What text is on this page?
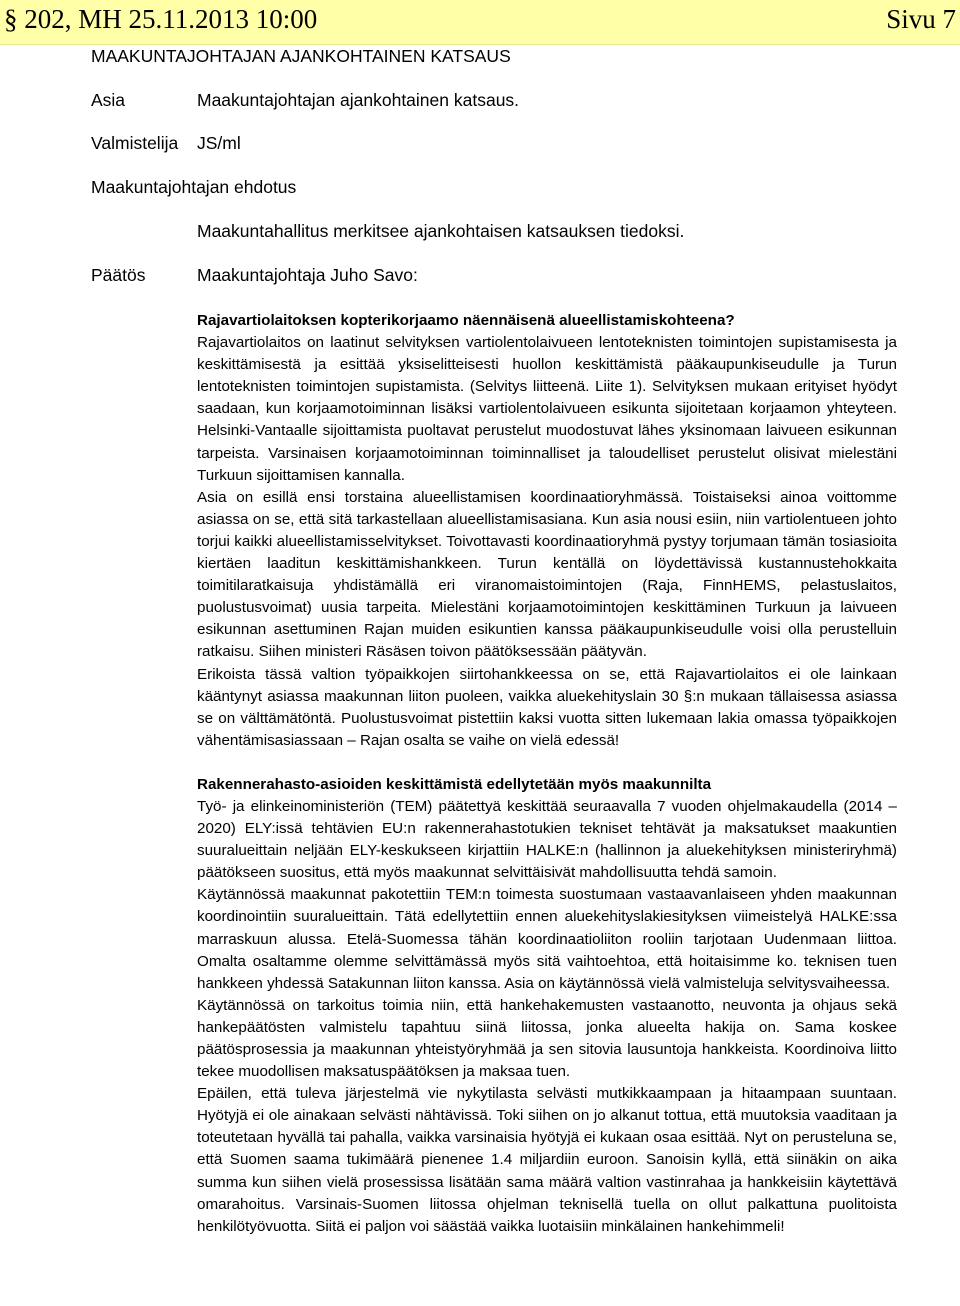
§ 202, MH 25.11.2013 10:00	Sivu 7
MAAKUNTAJOHTAJAN AJANKOHTAINEN KATSAUS
Asia	Maakuntajohtajan ajankohtainen katsaus.
Valmistelija JS/ml
Maakuntajohtajan ehdotus
Maakuntahallitus merkitsee ajankohtaisen katsauksen tiedoksi.
Päätös	Maakuntajohtaja Juho Savo:
Rajavartiolaitoksen kopterikorjaamo näennäisenä alueellistamiskohteena?

Rajavartiolaitos on laatinut selvityksen vartiolentolaivueen lentoteknisten toimintojen supistamisesta ja keskittämisestä ja esittää yksiselitteisesti huollon keskittämistä pääkaupunkiseudulle ja Turun lentoteknisten toimintojen supistamista. (Selvitys liitteenä. Liite 1). Selvityksen mukaan erityiset hyödyt saadaan, kun korjaamotoiminnan lisäksi vartiolentolaivueen esikunta sijoitetaan korjaamon yhteyteen. Helsinki-Vantaalle sijoittamista puoltavat perustelut muodostuvat lähes yksinomaan laivueen esikunnan tarpeista. Varsinaisen korjaamotoiminnan toiminnalliset ja taloudelliset perustelut olisivat mielestäni Turkuun sijoittamisen kannalla.

Asia on esillä ensi torstaina alueellistamisen koordinaatioryhmässä. Toistaiseksi ainoa voittomme asiassa on se, että sitä tarkastellaan alueellistamisasiana. Kun asia nousi esiin, niin vartiolentueen johto torjui kaikki alueellistamisselvitykset. Toivottavasti koordinaatioryhmä pystyy torjumaan tämän tosiasioita kiertäen laaditun keskittämishankkeen. Turun kentällä on löydettävissä kustannustehokkaita toimitilaratkaisuja yhdistämällä eri viranomaistoimintojen (Raja, FinnHEMS, pelastuslaitos, puolustusvoimat) uusia tarpeita. Mielestäni korjaamotoimintojen keskittäminen Turkuun ja laivueen esikunnan asettuminen Rajan muiden esikuntien kanssa pääkaupunkiseudulle voisi olla perustelluin ratkaisu. Siihen ministeri Räsäsen toivon päätöksessään päätyvän.

Erikoista tässä valtion työpaikkojen siirtohankkeessa on se, että Rajavartiolaitos ei ole lainkaan kääntynyt asiassa maakunnan liiton puoleen, vaikka aluekehityslain 30 §:n mukaan tällaisessa asiassa se on välttämätöntä. Puolustusvoimat pistettiin kaksi vuotta sitten lukemaan lakia omassa työpaikkojen vähentämisasiassaan – Rajan osalta se vaihe on vielä edessä!

Rakennerahasto-asioiden keskittämistä edellytetään myös maakunnilta

Työ- ja elinkeinoministeriön (TEM) päätettyä keskittää seuraavalla 7 vuoden ohjelmakaudella (2014 – 2020) ELY:issä tehtävien EU:n rakennerahastotukien tekniset tehtävät ja maksatukset maakuntien suuralueittain neljään ELY-keskukseen kirjattiin HALKE:n (hallinnon ja aluekehityksen ministeriryhmä) päätökseen suositus, että myös maakunnat selvittäisivät mahdollisuutta tehdä samoin.

Käytännössä maakunnat pakotettiin TEM:n toimesta suostumaan vastaavanlaiseen yhden maakunnan koordinointiin suuralueittain. Tätä edellytettiin ennen aluekehityslakiesityksen viimeistelyä HALKE:ssa marraskuun alussa. Etelä-Suomessa tähän koordinaatioliiton rooliin tarjotaan Uudenmaan liittoa. Omalta osaltamme olemme selvittämässä myös sitä vaihtoehtoa, että hoitaisimme ko. teknisen tuen hankkeen yhdessä Satakunnan liiton kanssa. Asia on käytännössä vielä valmisteluja selvitysvaiheessa.

Käytännössä on tarkoitus toimia niin, että hankehakemusten vastaanotto, neuvonta ja ohjaus sekä hankepäätösten valmistelu tapahtuu siinä liitossa, jonka alueelta hakija on. Sama koskee päätösprosessia ja maakunnan yhteistyöryhmää ja sen sitovia lausuntoja hankkeista. Koordinoiva liitto tekee muodollisen maksatuspäätöksen ja maksaa tuen.

Epäilen, että tuleva järjestelmä vie nykytilasta selvästi mutkikkaampaan ja hitaampaan suuntaan. Hyötyjä ei ole ainakaan selvästi nähtävissä. Toki siihen on jo alkanut tottua, että muutoksia vaaditaan ja toteutetaan hyvällä tai pahalla, vaikka varsinaisia hyötyjä ei kukaan osaa esittää. Nyt on perusteluna se, että Suomen saama tukimäärä pienenee 1.4 miljardiin euroon. Sanoisin kyllä, että siinäkin on aika summa kun siihen vielä prosessissa lisätään sama määrä valtion vastinrahaa ja hankkeisiin käytettävä omarahoitus. Varsinais-Suomen liitossa ohjelman teknisellä tuella on ollut palkattuna puolitoista henkilötyövuotta. Siitä ei paljon voi säästää vaikka luotaisiin minkälainen hankehimmeli!
